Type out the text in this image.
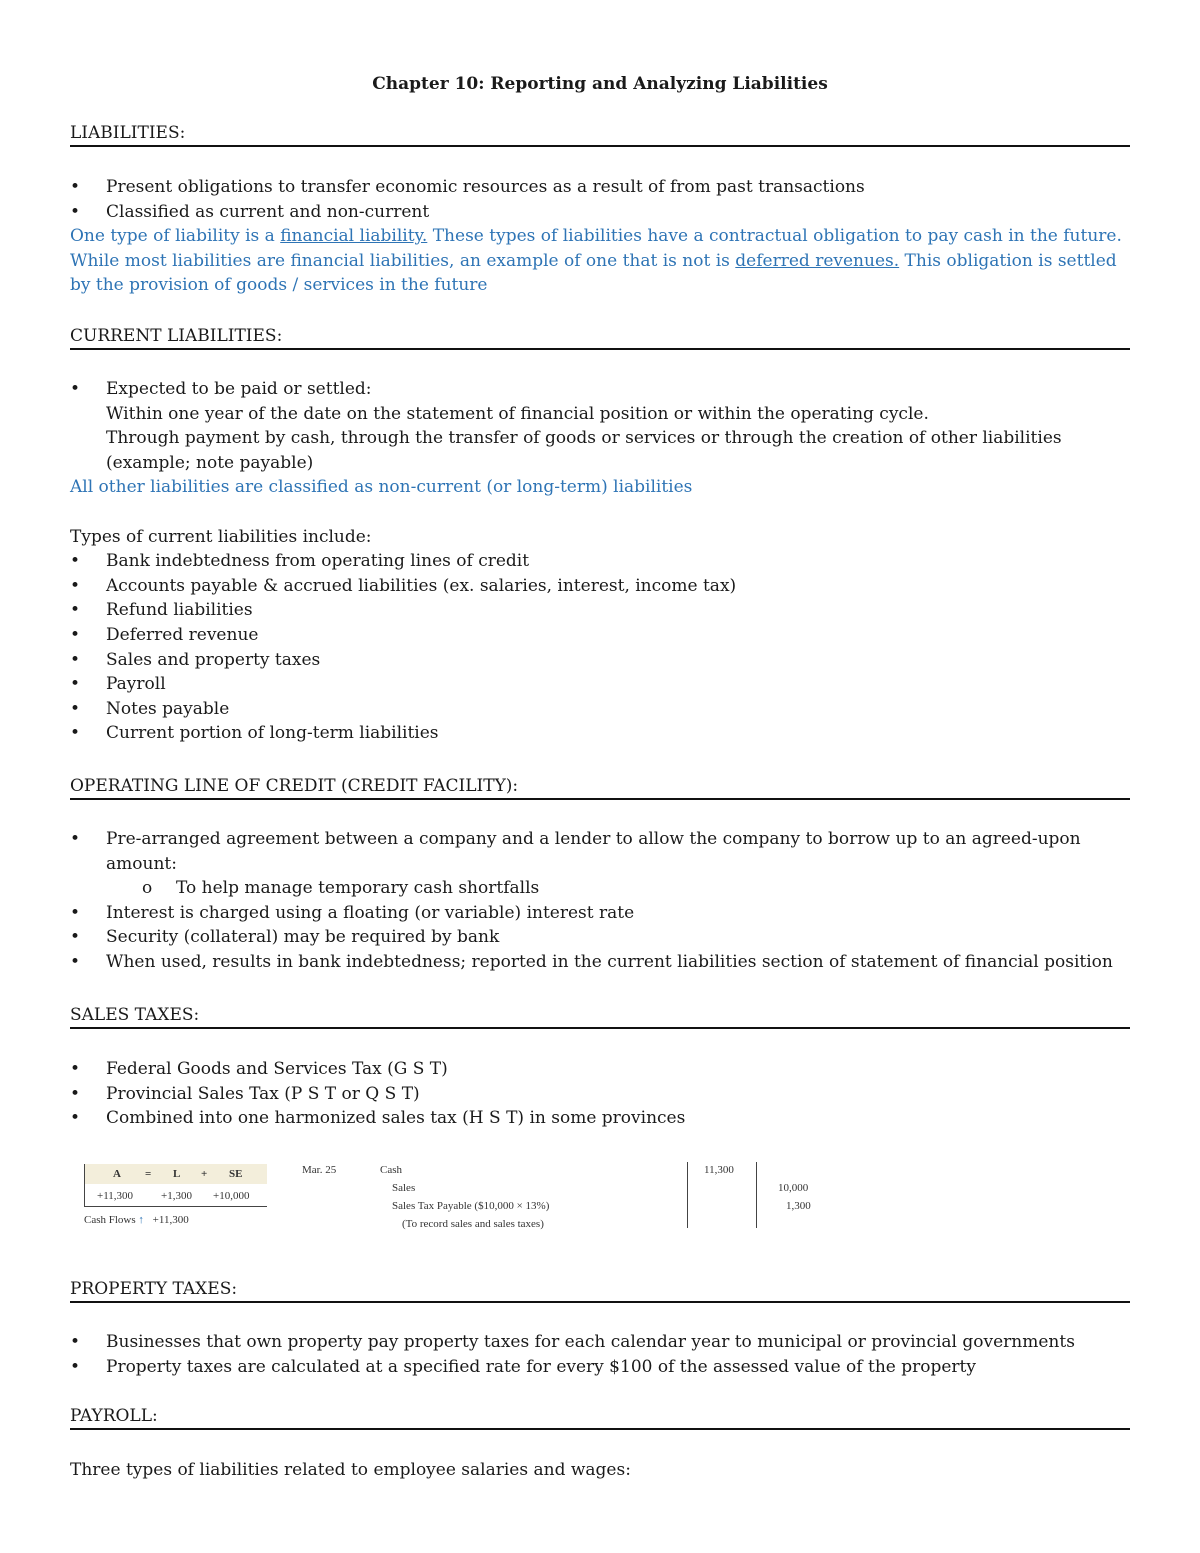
Chapter 10: Reporting and Analyzing Liabilities
LIABILITIES:
• Present obligations to transfer economic resources as a result of from past transactions
• Classified as current and non-current
One type of liability is a financial liability. These types of liabilities have a contractual obligation to pay cash in the future.
While most liabilities are financial liabilities, an example of one that is not is deferred revenues. This obligation is settled
by the provision of goods / services in the future
CURRENT LIABILITIES:
• Expected to be paid or settled:
Within one year of the date on the statement of financial position or within the operating cycle.
Through payment by cash, through the transfer of goods or services or through the creation of other liabilities
(example; note payable)
All other liabilities are classified as non-current (or long-term) liabilities

Types of current liabilities include:
• Bank indebtedness from operating lines of credit
• Accounts payable & accrued liabilities (ex. salaries, interest, income tax)
• Refund liabilities
• Deferred revenue
• Sales and property taxes
• Payroll
• Notes payable
• Current portion of long-term liabilities
OPERATING LINE OF CREDIT (CREDIT FACILITY):
• Pre-arranged agreement between a company and a lender to allow the company to borrow up to an agreed-upon
amount:
o To help manage temporary cash shortfalls
• Interest is charged using a floating (or variable) interest rate
• Security (collateral) may be required by bank
• When used, results in bank indebtedness; reported in the current liabilities section of statement of financial position
SALES TAXES:
• Federal Goods and Services Tax (G S T)
• Provincial Sales Tax (P S T or Q S T)
• Combined into one harmonized sales tax (H S T) in some provinces
PROPERTY TAXES:
• Businesses that own property pay property taxes for each calendar year to municipal or provincial governments
• Property taxes are calculated at a specified rate for every $100 of the assessed value of the property
PAYROLL:
Three types of liabilities related to employee salaries and wages:
A = L + SE
+11,300	+1,300 +10,000
Cash Flows ↑ +11,300
Mar. 25	Cash
Sales
Sales Tax Payable ($10,000 × 13%)
(To record sales and sales taxes)
11,300
10,000
1,300
